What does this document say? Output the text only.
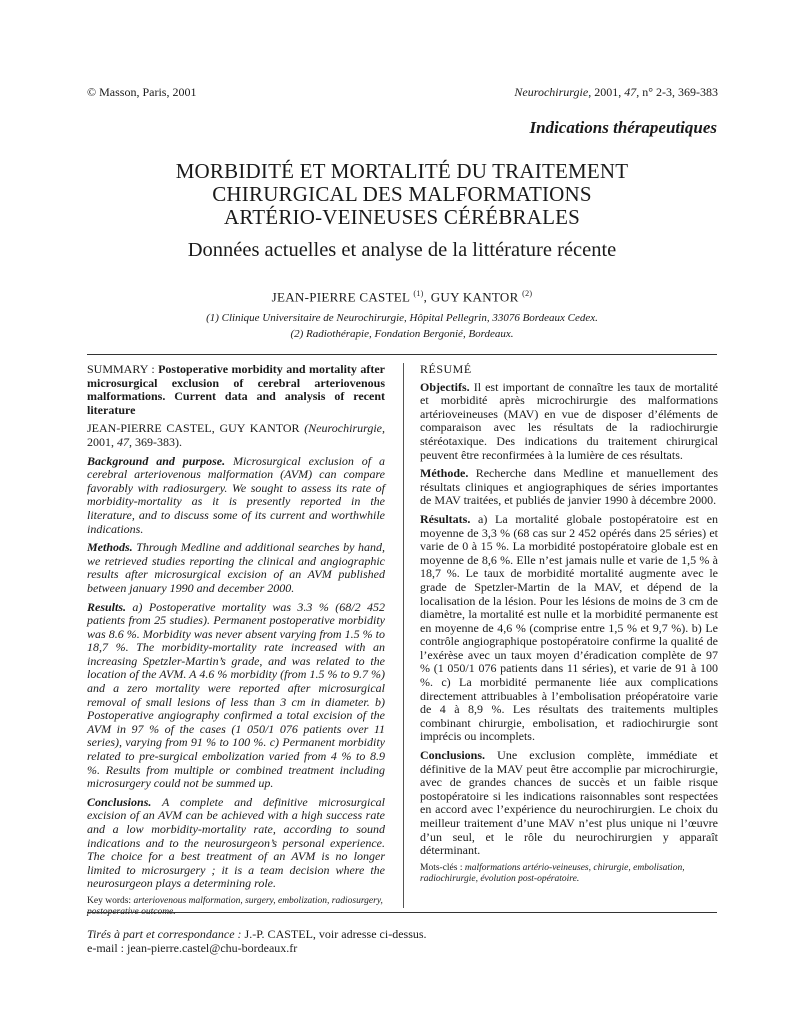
© Masson, Paris, 2001	Neurochirurgie, 2001, 47, n° 2-3, 369-383
Indications thérapeutiques
MORBIDITÉ ET MORTALITÉ DU TRAITEMENT
CHIRURGICAL DES MALFORMATIONS
ARTÉRIO-VEINEUSES CÉRÉBRALES
Données actuelles et analyse de la littérature récente
JEAN-PIERRE CASTEL $^{(1)}$, GUY KANTOR $^{(2)}$
(1) Clinique Universitaire de Neurochirurgie, Hôpital Pellegrin, 33076 Bordeaux Cedex.
(2) Radiothérapie, Fondation Bergonié, Bordeaux.

SUMMARY : Postoperative morbidity and mortality after microsurgical exclusion of cerebral arteriovenous malformations. Current data and analysis of recent literature

JEAN-PIERRE CASTEL, GUY KANTOR (Neurochirurgie, 2001, 47, 369-383).

Background and purpose. Microsurgical exclusion of a cerebral arteriovenous malformation (AVM) can compare favorably with radiosurgery. We sought to assess its rate of morbidity-mortality as it is presently reported in the literature, and to discuss some of its current and worthwhile indications.

Methods. Through Medline and additional searches by hand, we retrieved studies reporting the clinical and angiographic results after microsurgical excision of an AVM published between january 1990 and december 2000.

Results. a) Postoperative mortality was 3.3 % (68/2 452 patients from 25 studies). Permanent postoperative morbidity was 8.6 %. Morbidity was never absent varying from 1.5 % to 18,7 %. The morbidity-mortality rate increased with an increasing Spetzler-Martin’s grade, and was related to the location of the AVM. A 4.6 % morbidity (from 1.5 % to 9.7 %) and a zero mortality were reported after microsurgical removal of small lesions of less than 3 cm in diameter. b) Postoperative angiography confirmed a total excision of the AVM in 97 % of the cases (1 050/1 076 patients over 11 series), varying from 91 % to 100 %. c) Permanent morbidity related to pre-surgical embolization varied from 4 % to 8.9 %. Results from multiple or combined treatment including microsurgery could not be summed up.

Conclusions. A complete and definitive microsurgical excision of an AVM can be achieved with a high success rate and a low morbidity-mortality rate, according to sound indications and to the neurosurgeon’s personal experience. The choice for a best treatment of an AVM is no longer limited to microsurgery ; it is a team decision where the neurosurgeon plays a determining role.

Key words: arteriovenous malformation, surgery, embolization, radiosurgery, postoperative outcome.

RÉSUMÉ

Objectifs. Il est important de connaître les taux de mortalité et morbidité après microchirurgie des malformations artérioveineuses (MAV) en vue de disposer d’éléments de comparaison avec les résultats de la radiochirurgie stéréotaxique. Des indications du traitement chirurgical peuvent être reconfirmées à la lumière de ces résultats.

Méthode. Recherche dans Medline et manuellement des résultats cliniques et angiographiques de séries importantes de MAV traitées, et publiés de janvier 1990 à décembre 2000.

Résultats. a) La mortalité globale postopératoire est en moyenne de 3,3 % (68 cas sur 2 452 opérés dans 25 séries) et varie de 0 à 15 %. La morbidité postopératoire globale est en moyenne de 8,6 %. Elle n’est jamais nulle et varie de 1,5 % à 18,7 %. Le taux de morbidité mortalité augmente avec le grade de Spetzler-Martin de la MAV, et dépend de la localisation de la lésion. Pour les lésions de moins de 3 cm de diamètre, la mortalité est nulle et la morbidité permanente est en moyenne de 4,6 % (comprise entre 1,5 % et 9,7 %). b) Le contrôle angiographique postopératoire confirme la qualité de l’exérèse avec un taux moyen d’éradication complète de 97 % (1 050/1 076 patients dans 11 séries), et varie de 91 à 100 %. c) La morbidité permanente liée aux complications directement attribuables à l’embolisation préopératoire varie de 4 à 8,9 %. Les résultats des traitements multiples combinant chirurgie, embolisation, et radiochirurgie sont imprécis ou incomplets.

Conclusions. Une exclusion complète, immédiate et définitive de la MAV peut être accomplie par microchirurgie, avec de grandes chances de succès et un faible risque postopératoire si les indications raisonnables sont respectées en accord avec l’expérience du neurochirurgien. Le choix du meilleur traitement d’une MAV n’est plus unique ni l’œuvre d’un seul, et le rôle du neurochirurgien y apparaît déterminant.

Mots-clés : malformations artério-veineuses, chirurgie, embolisation, radiochirurgie, évolution post-opératoire.

Tirés à part et correspondance : J.-P. CASTEL, voir adresse ci-dessus.
e-mail : jean-pierre.castel@chu-bordeaux.fr
